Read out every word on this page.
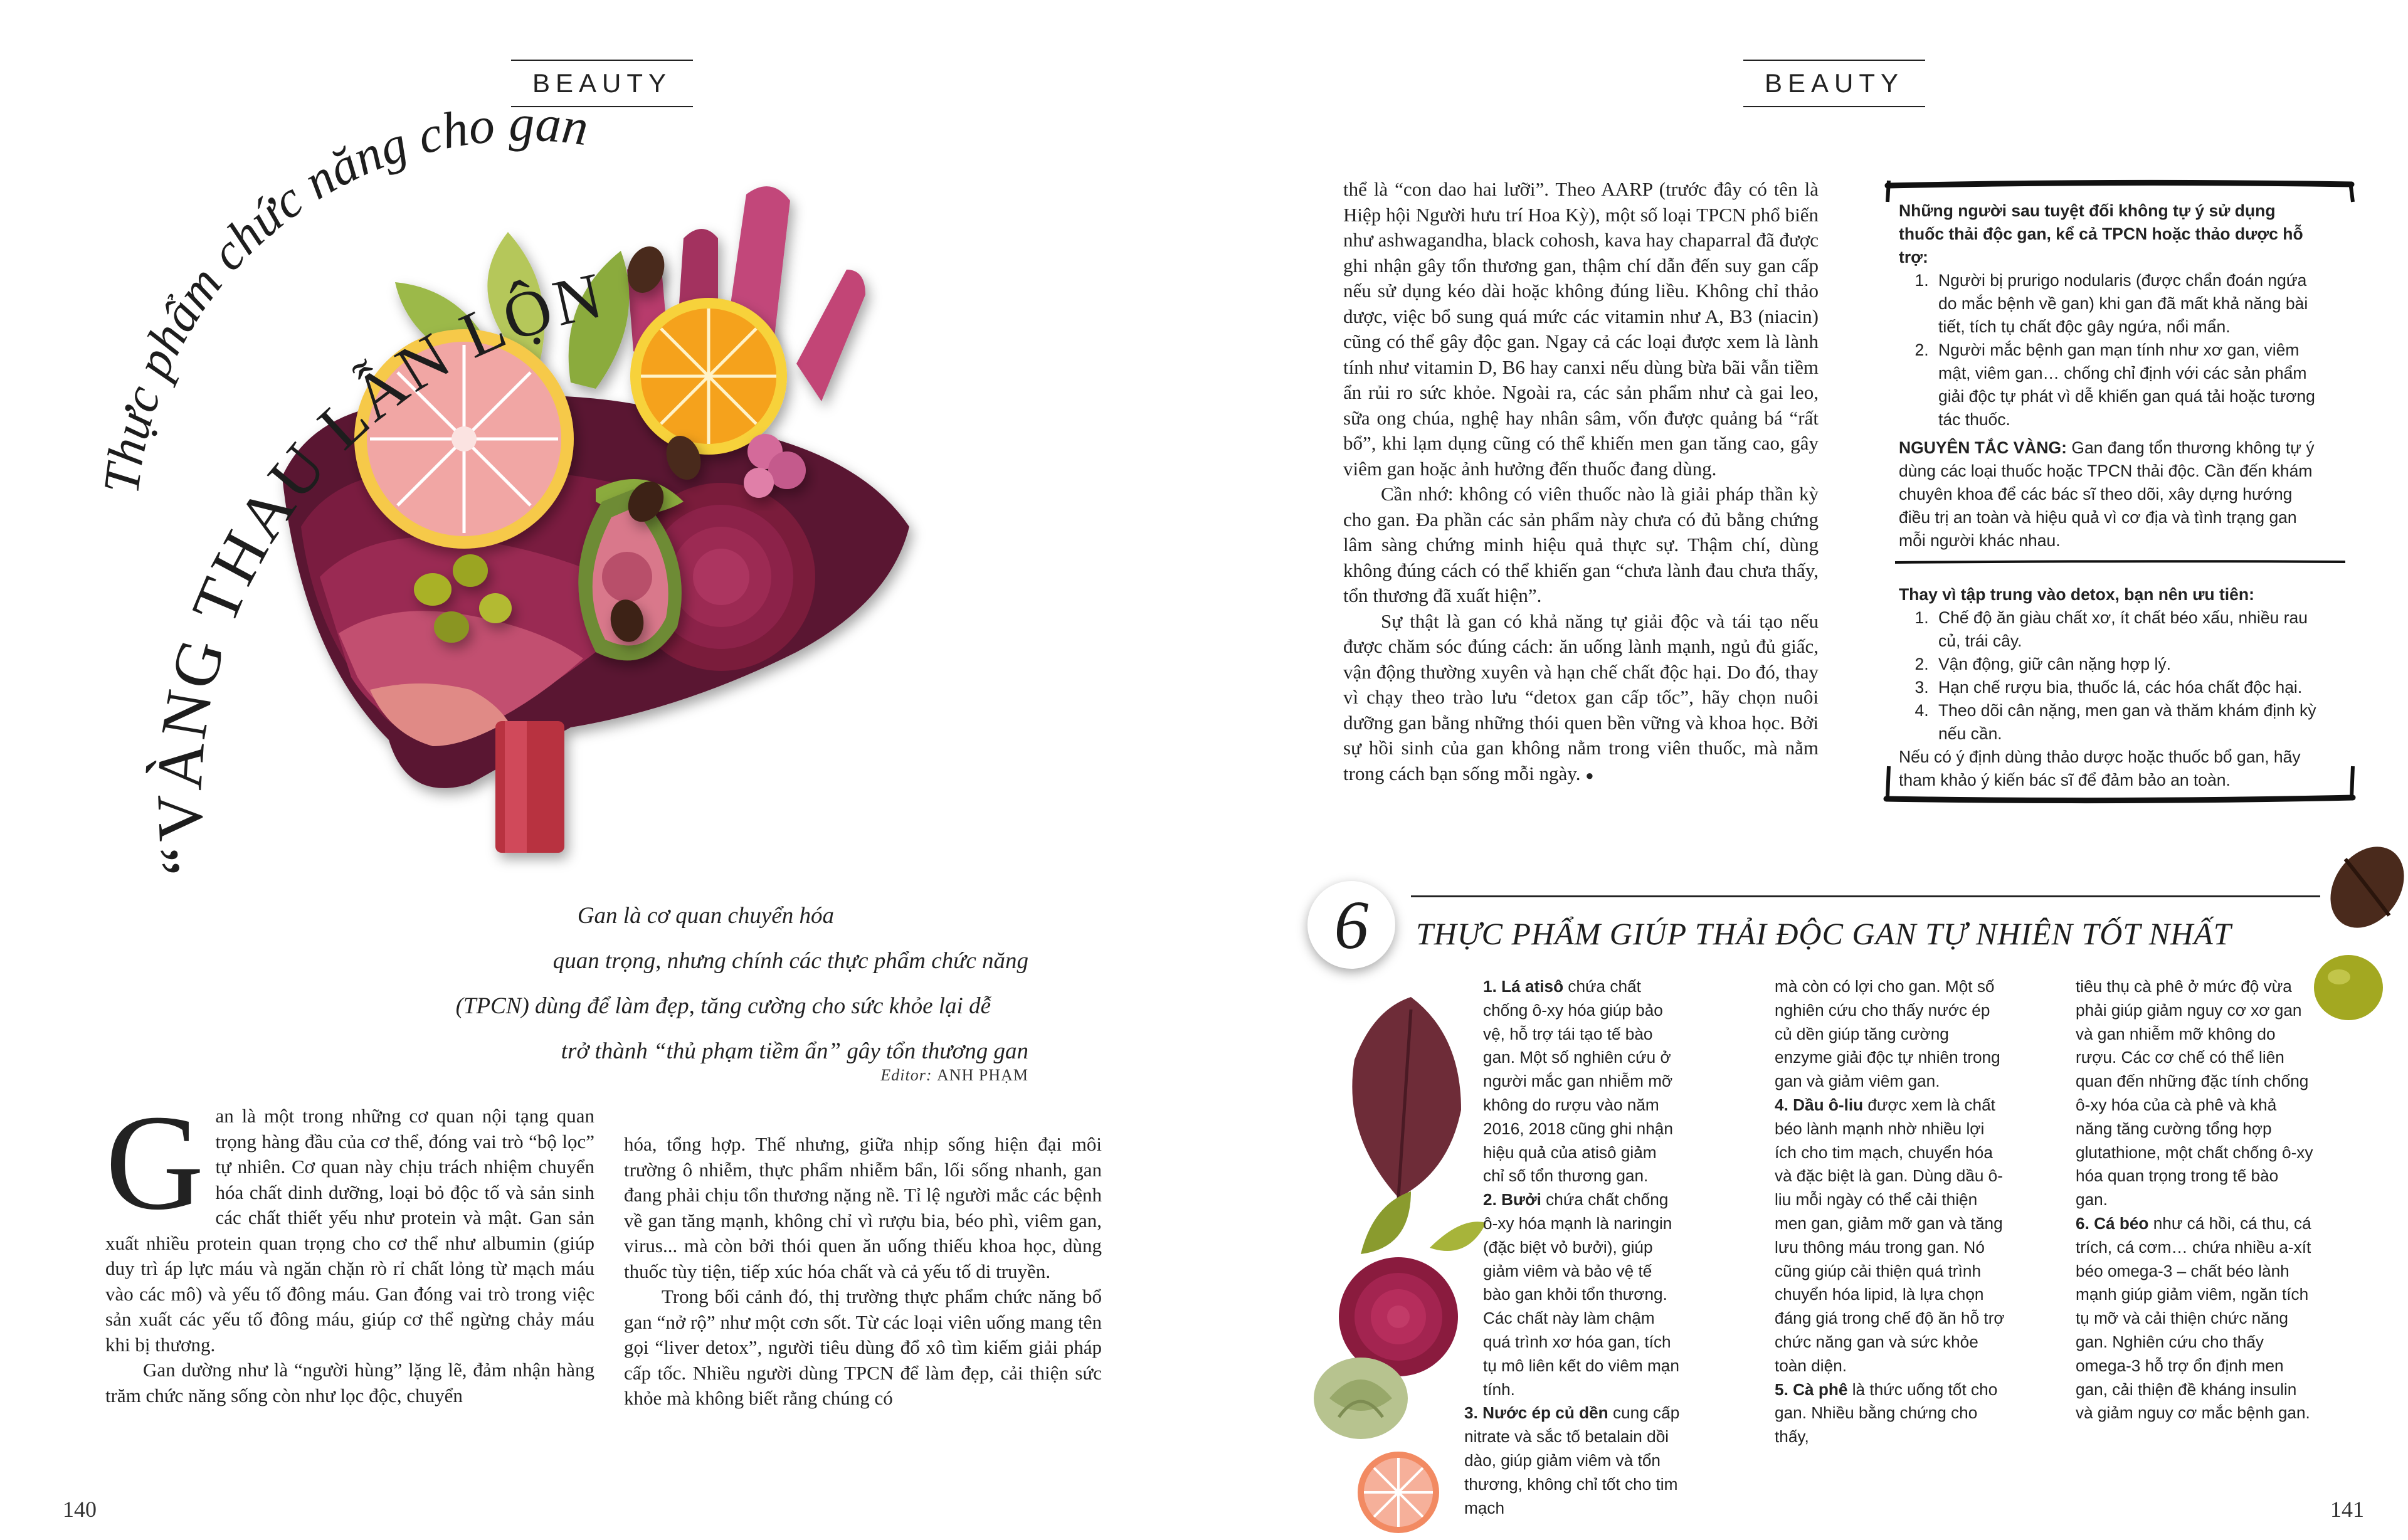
BEAUTY
Thực phẩm chức năng cho gan
“VÀNG THAU LẪN LỘN”

Gan là cơ quan chuyển hóa

quan trọng, nhưng chính các thực phẩm chức năng

(TPCN) dùng để làm đẹp, tăng cường cho sức khỏe lại dễ

trở thành “thủ phạm tiềm ẩn” gây tổn thương gan

Editor: ANH PHẠM

Gan là một trong những cơ quan nội tạng quan trọng hàng đầu của cơ thể, đóng vai trò “bộ lọc” tự nhiên. Cơ quan này chịu trách nhiệm chuyển hóa chất dinh dưỡng, loại bỏ độc tố và sản sinh các chất thiết yếu như protein và mật. Gan sản xuất nhiều protein quan trọng cho cơ thể như albumin (giúp duy trì áp lực máu và ngăn chặn rò rỉ chất lỏng từ mạch máu vào các mô) và yếu tố đông máu. Gan đóng vai trò trong việc sản xuất các yếu tố đông máu, giúp cơ thể ngừng chảy máu khi bị thương.

Gan dường như là “người hùng” lặng lẽ, đảm nhận hàng trăm chức năng sống còn như lọc độc, chuyển

hóa, tổng hợp. Thế nhưng, giữa nhịp sống hiện đại môi trường ô nhiễm, thực phẩm nhiễm bẩn, lối sống nhanh, gan đang phải chịu tổn thương nặng nề. Tỉ lệ người mắc các bệnh về gan tăng mạnh, không chỉ vì rượu bia, béo phì, viêm gan, virus... mà còn bởi thói quen ăn uống thiếu khoa học, dùng thuốc tùy tiện, tiếp xúc hóa chất và cả yếu tố di truyền.

Trong bối cảnh đó, thị trường thực phẩm chức năng bổ gan “nở rộ” như một cơn sốt. Từ các loại viên uống mang tên gọi “liver detox”, người tiêu dùng đổ xô tìm kiếm giải pháp cấp tốc. Nhiều người dùng TPCN để làm đẹp, cải thiện sức khỏe mà không biết rằng chúng có

140
BEAUTY

thể là “con dao hai lưỡi”. Theo AARP (trước đây có tên là Hiệp hội Người hưu trí Hoa Kỳ), một số loại TPCN phổ biến như ashwagandha, black cohosh, kava hay chaparral đã được ghi nhận gây tổn thương gan, thậm chí dẫn đến suy gan cấp nếu sử dụng kéo dài hoặc không đúng liều. Không chỉ thảo dược, việc bổ sung quá mức các vitamin như A, B3 (niacin) cũng có thể gây độc gan. Ngay cả các loại được xem là lành tính như vitamin D, B6 hay canxi nếu dùng bừa bãi vẫn tiềm ẩn rủi ro sức khỏe. Ngoài ra, các sản phẩm như cà gai leo, sữa ong chúa, nghệ hay nhân sâm, vốn được quảng bá “rất bổ”, khi lạm dụng cũng có thể khiến men gan tăng cao, gây viêm gan hoặc ảnh hưởng đến thuốc đang dùng.

Cần nhớ: không có viên thuốc nào là giải pháp thần kỳ cho gan. Đa phần các sản phẩm này chưa có đủ bằng chứng lâm sàng chứng minh hiệu quả thực sự. Thậm chí, dùng không đúng cách có thể khiến gan “chưa lành đau chưa thấy, tổn thương đã xuất hiện”.

Sự thật là gan có khả năng tự giải độc và tái tạo nếu được chăm sóc đúng cách: ăn uống lành mạnh, ngủ đủ giấc, vận động thường xuyên và hạn chế chất độc hại. Do đó, thay vì chạy theo trào lưu “detox gan cấp tốc”, hãy chọn nuôi dưỡng gan bằng những thói quen bền vững và khoa học. Bởi sự hồi sinh của gan không nằm trong viên thuốc, mà nằm trong cách bạn sống mỗi ngày. ●

Những người sau tuyệt đối không tự ý sử dụng thuốc thải độc gan, kể cả TPCN hoặc thảo dược hỗ trợ:

1. Người bị prurigo nodularis (được chẩn đoán ngứa do mắc bệnh về gan) khi gan đã mất khả năng bài tiết, tích tụ chất độc gây ngứa, nổi mẩn.
2. Người mắc bệnh gan mạn tính như xơ gan, viêm mật, viêm gan… chống chỉ định với các sản phẩm giải độc tự phát vì dễ khiến gan quá tải hoặc tương tác thuốc.

NGUYÊN TẮC VÀNG: Gan đang tổn thương không tự ý dùng các loại thuốc hoặc TPCN thải độc. Cần đến khám chuyên khoa để các bác sĩ theo dõi, xây dựng hướng điều trị an toàn và hiệu quả vì cơ địa và tình trạng gan mỗi người khác nhau.

Thay vì tập trung vào detox, bạn nên ưu tiên:

1. Chế độ ăn giàu chất xơ, ít chất béo xấu, nhiều rau củ, trái cây.
2. Vận động, giữ cân nặng hợp lý.
3. Hạn chế rượu bia, thuốc lá, các hóa chất độc hại.
4. Theo dõi cân nặng, men gan và thăm khám định kỳ nếu cần.

Nếu có ý định dùng thảo dược hoặc thuốc bổ gan, hãy tham khảo ý kiến bác sĩ để đảm bảo an toàn.

6	THỰC PHẨM GIÚP THẢI ĐỘC GAN TỰ NHIÊN TỐT NHẤT

1. Lá atisô chứa chất chống ô-xy hóa giúp bảo vệ, hỗ trợ tái tạo tế bào gan. Một số nghiên cứu ở người mắc gan nhiễm mỡ không do rượu vào năm 2016, 2018 cũng ghi nhận hiệu quả của atisô giảm chỉ số tổn thương gan.

2. Bưởi chứa chất chống ô-xy hóa mạnh là naringin (đặc biệt vỏ bưởi), giúp giảm viêm và bảo vệ tế bào gan khỏi tổn thương. Các chất này làm chậm quá trình xơ hóa gan, tích tụ mô liên kết do viêm mạn tính.

3. Nước ép củ dền cung cấp nitrate và sắc tố betalain dồi dào, giúp giảm viêm và tổn thương, không chỉ tốt cho tim mạch

mà còn có lợi cho gan. Một số nghiên cứu cho thấy nước ép củ dền giúp tăng cường enzyme giải độc tự nhiên trong gan và giảm viêm gan.

4. Dầu ô-liu được xem là chất béo lành mạnh nhờ nhiều lợi ích cho tim mạch, chuyển hóa và đặc biệt là gan. Dùng dầu ô-liu mỗi ngày có thể cải thiện men gan, giảm mỡ gan và tăng lưu thông máu trong gan. Nó cũng giúp cải thiện quá trình chuyển hóa lipid, là lựa chọn đáng giá trong chế độ ăn hỗ trợ chức năng gan và sức khỏe toàn diện.

5. Cà phê là thức uống tốt cho gan. Nhiều bằng chứng cho thấy,

tiêu thụ cà phê ở mức độ vừa phải giúp giảm nguy cơ xơ gan và gan nhiễm mỡ không do rượu. Các cơ chế có thể liên quan đến những đặc tính chống ô-xy hóa của cà phê và khả năng tăng cường tổng hợp glutathione, một chất chống ô-xy hóa quan trọng trong tế bào gan.

6. Cá béo như cá hồi, cá thu, cá trích, cá cơm… chứa nhiều a-xít béo omega-3 – chất béo lành mạnh giúp giảm viêm, ngăn tích tụ mỡ và cải thiện chức năng gan. Nghiên cứu cho thấy omega-3 hỗ trợ ổn định men gan, cải thiện đề kháng insulin và giảm nguy cơ mắc bệnh gan.

141
